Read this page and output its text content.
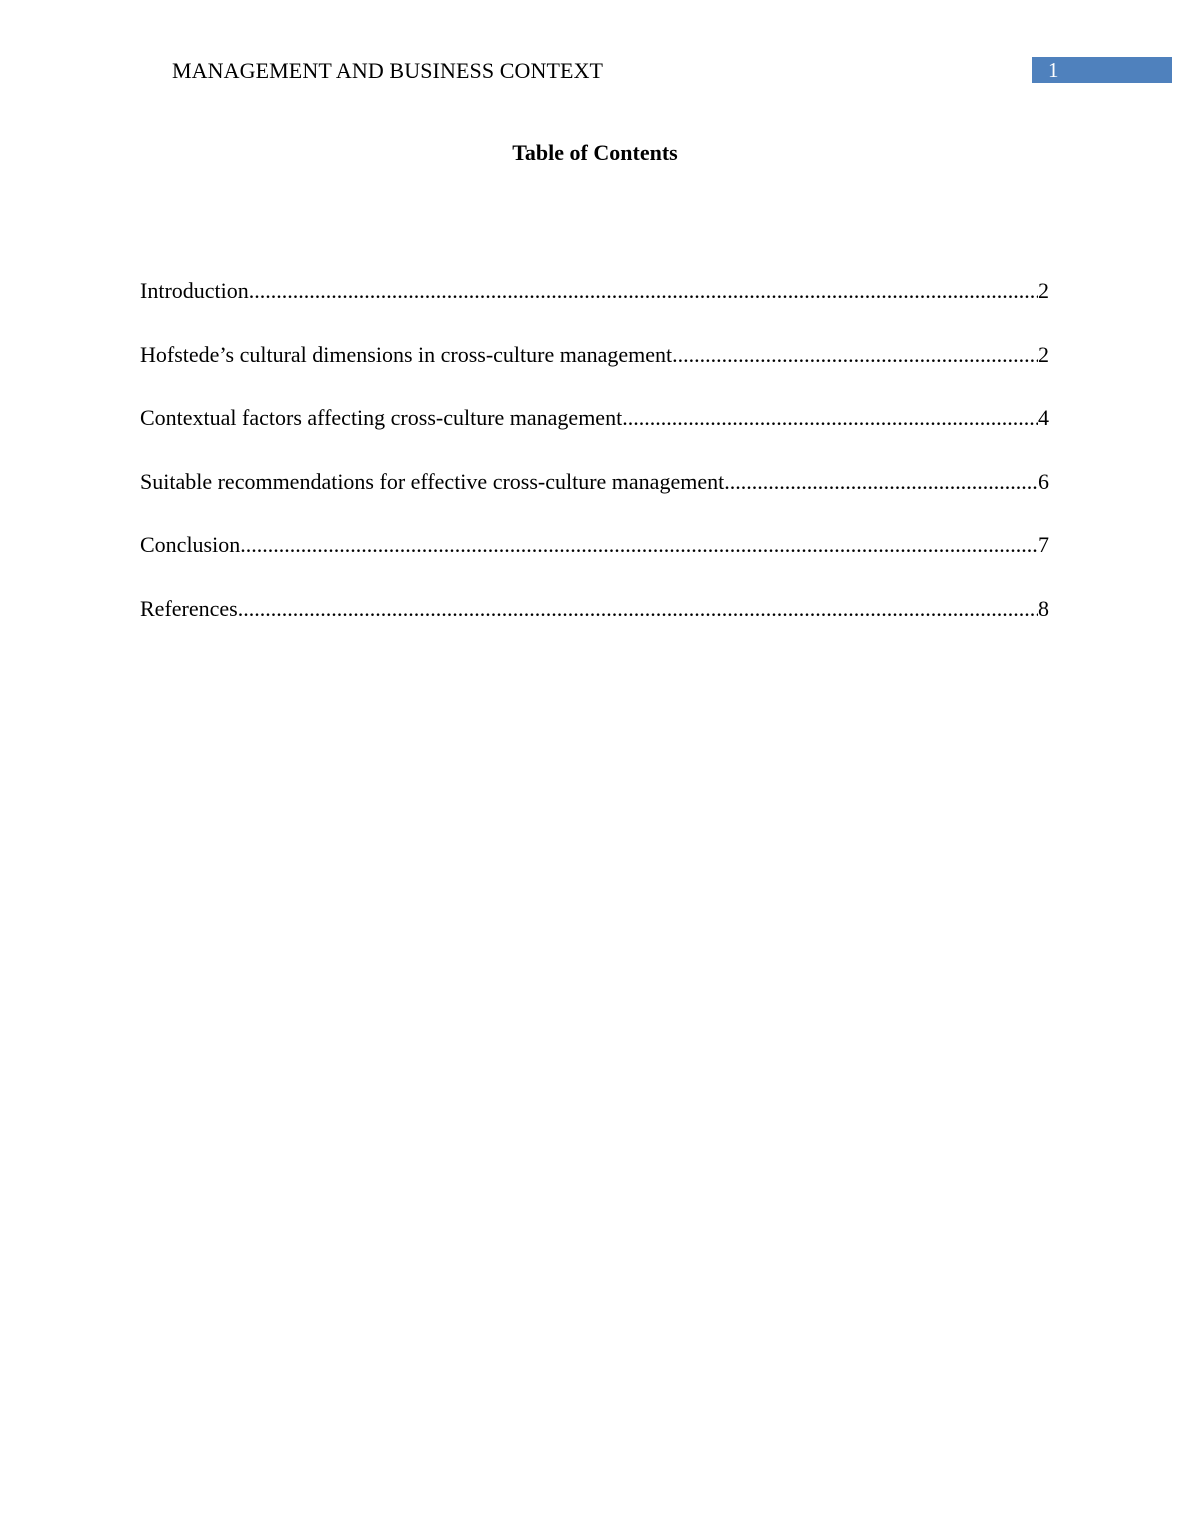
MANAGEMENT AND BUSINESS CONTEXT	1
Table of Contents
Introduction .....	2
Hofstede’s cultural dimensions in cross-culture management .....	2
Contextual factors affecting cross-culture management .....	4
Suitable recommendations for effective cross-culture management .....	6
Conclusion .....	7
References .....	8
